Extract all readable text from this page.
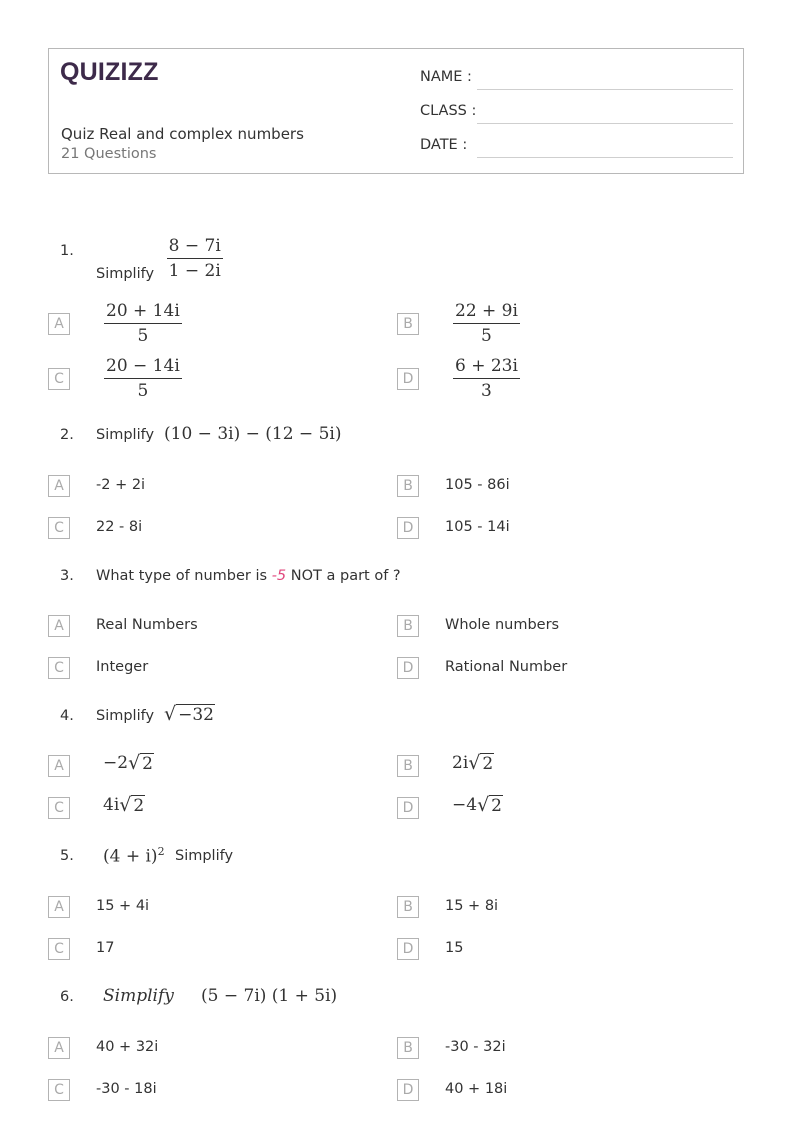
QUIZIZZ
Quiz Real and complex numbers
21 Questions
NAME :
CLASS :
DATE :
1.
Simplify $\frac{8 - 7i}{1 - 2i}$
A	$\frac{20 + 14i}{5}$	B	$\frac{22 + 9i}{5}$
C	$\frac{20 - 14i}{5}$	D	$\frac{6 + 23i}{3}$
2. Simplify (10 − 3i) − (12 − 5i)
A	-2 + 2i	B	105 - 86i
C	22 - 8i	D	105 - 14i
3. What type of number is -5 NOT a part of ?
A	Real Numbers	B	Whole numbers
C	Integer	D	Rational Number
4. Simplify √ −32
A	−2 √ 2	B	2i √ 2
C	4i √ 2	D	−4 √ 2
5. $(4 + i)^2$ Simplify
A	15 + 4i	B	15 + 8i
C	17	D	15
6. Simplify (5 − 7i) (1 + 5i)
A	40 + 32i	B	-30 - 32i
C	-30 - 18i	D	40 + 18i
